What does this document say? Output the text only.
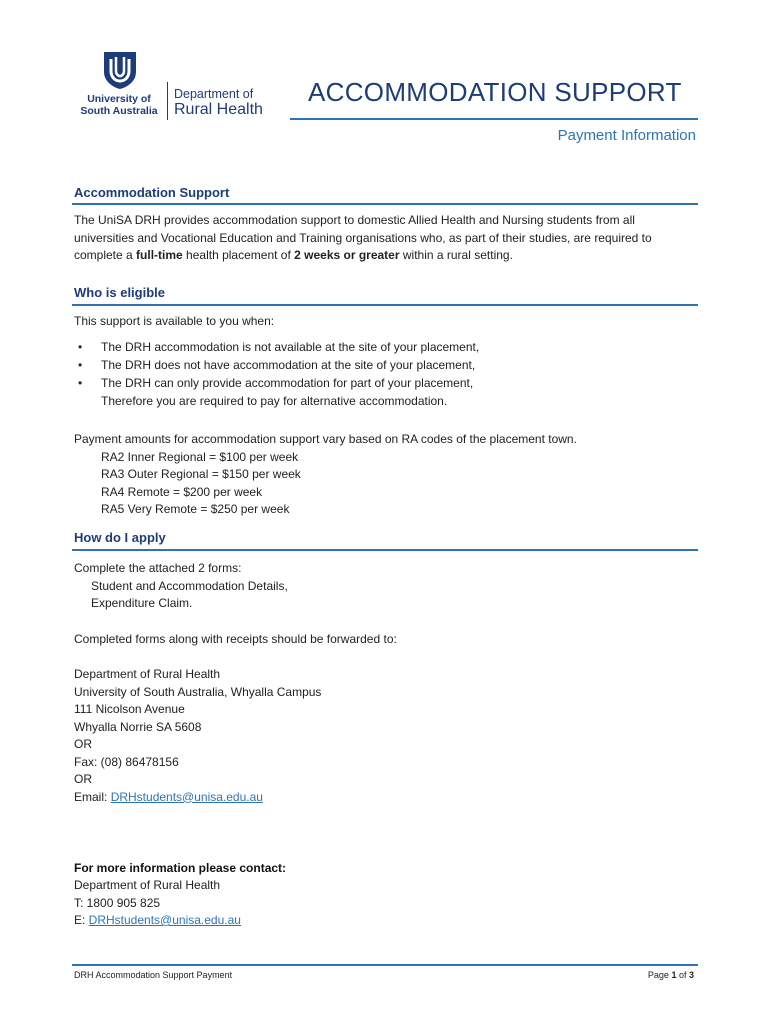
University of
South Australia
Department of
Rural Health
ACCOMMODATION SUPPORT
Payment Information
Accommodation Support
The UniSA DRH provides accommodation support to domestic Allied Health and Nursing students from all universities and Vocational Education and Training organisations who, as part of their studies, are required to complete a full-time health placement of 2 weeks or greater within a rural setting.
Who is eligible
This support is available to you when:
• The DRH accommodation is not available at the site of your placement,
• The DRH does not have accommodation at the site of your placement,
• The DRH can only provide accommodation for part of your placement,
Therefore you are required to pay for alternative accommodation.
Payment amounts for accommodation support vary based on RA codes of the placement town.
RA2 Inner Regional = $100 per week
RA3 Outer Regional = $150 per week
RA4 Remote = $200 per week
RA5 Very Remote = $250 per week
How do I apply
Complete the attached 2 forms:
Student and Accommodation Details,
Expenditure Claim.
Completed forms along with receipts should be forwarded to:
Department of Rural Health
University of South Australia, Whyalla Campus
111 Nicolson Avenue
Whyalla Norrie SA 5608
OR
Fax: (08) 86478156
OR
Email: DRHstudents@unisa.edu.au
For more information please contact:
Department of Rural Health
T: 1800 905 825
E: DRHstudents@unisa.edu.au
DRH Accommodation Support Payment	Page 1 of 3
